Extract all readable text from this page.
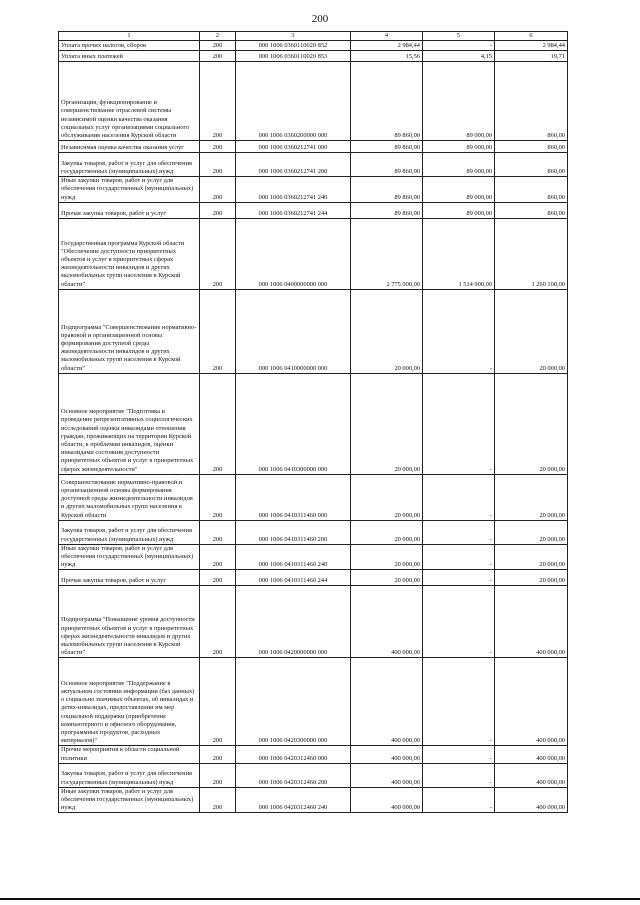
200
1	2	3	4	5	6
Уплата прочих налогов, сборов	200	000 1006 0360110020 852	2 984,44	-	2 984,44
Уплата иных платежей	200	000 1006 0360110020 853	15,56	4,15	19,71
Организация, функционирование и совершенствование отраслевой системы независимой оценки качества оказания социальных услуг организациями социального обслуживания населения Курской области	200	000 1006 0360200000 000	89 860,00	89 000,00	860,00
Независимая оценка качества оказания услуг	200	000 1006 0360212741 000	89 860,00	89 000,00	860,00
Закупка товаров, работ и услуг для обеспечения государственных (муниципальных) нужд	200	000 1006 0360212741 200	89 860,00	89 000,00	860,00
Иные закупки товаров, работ и услуг для обеспечения государственных (муниципальных) нужд	200	000 1006 0360212741 240	89 860,00	89 000,00	860,00
Прочая закупка товаров, работ и услуг	200	000 1006 0360212741 244	89 860,00	89 000,00	860,00
Государственная программа Курской области "Обеспечение доступности приоритетных объектов и услуг в приоритетных сферах жизнедеятельности инвалидов и других маломобильных групп населения в Курской области"	200	000 1006 0400000000 000	2 775 000,00	1 514 900,00	1 260 100,00
Подпрограмма "Совершенствование нормативно-правовой и организационной основы формирования доступной среды жизнедеятельности инвалидов и других маломобильных групп населения в Курской области"	200	000 1006 0410000000 000	20 000,00	-	20 000,00
Основное мероприятие "Подготовка и проведение репрезентативных социологических исследований оценки инвалидами отношения граждан, проживающих на территории Курской области, к проблемам инвалидов, оценки инвалидами состояния доступности приоритетных объектов и услуг в приоритетных сферах жизнедеятельности"	200	000 1006 0410300000 000	20 000,00	-	20 000,00
Совершенствование нормативно-правовой и организационной основы формирования доступной среды жизнедеятельности инвалидов и других маломобильных групп населения в Курской области	200	000 1006 0410311460 000	20 000,00	-	20 000,00
Закупка товаров, работ и услуг для обеспечения государственных (муниципальных) нужд	200	000 1006 0410311460 200	20 000,00	-	20 000,00
Иные закупки товаров, работ и услуг для обеспечения государственных (муниципальных) нужд	200	000 1006 0410311460 240	20 000,00	-	20 000,00
Прочая закупка товаров, работ и услуг	200	000 1006 0410311460 244	20 000,00	-	20 000,00
Подпрограмма "Повышение уровня доступности приоритетных объектов и услуг в приоритетных сферах жизнедеятельности инвалидов и других маломобильных групп населения в Курской области"	200	000 1006 0420000000 000	400 000,00	-	400 000,00
Основное мероприятие "Поддержание в актуальном состоянии информации (баз данных) о социально значимых объектах, об инвалидах и детях-инвалидах, предоставлении им мер социальной поддержки (приобретение компьютерного и офисного оборудования, программных продуктов, расходных материалов)"	200	000 1006 0420300000 000	400 000,00	-	400 000,00
Прочие мероприятия в области социальной политики	200	000 1006 0420312460 000	400 000,00	-	400 000,00
Закупка товаров, работ и услуг для обеспечения государственных (муниципальных) нужд	200	000 1006 0420312460 200	400 000,00	-	400 000,00
Иные закупки товаров, работ и услуг для обеспечения государственных (муниципальных) нужд	200	000 1006 0420312460 240	400 000,00	-	400 000,00
